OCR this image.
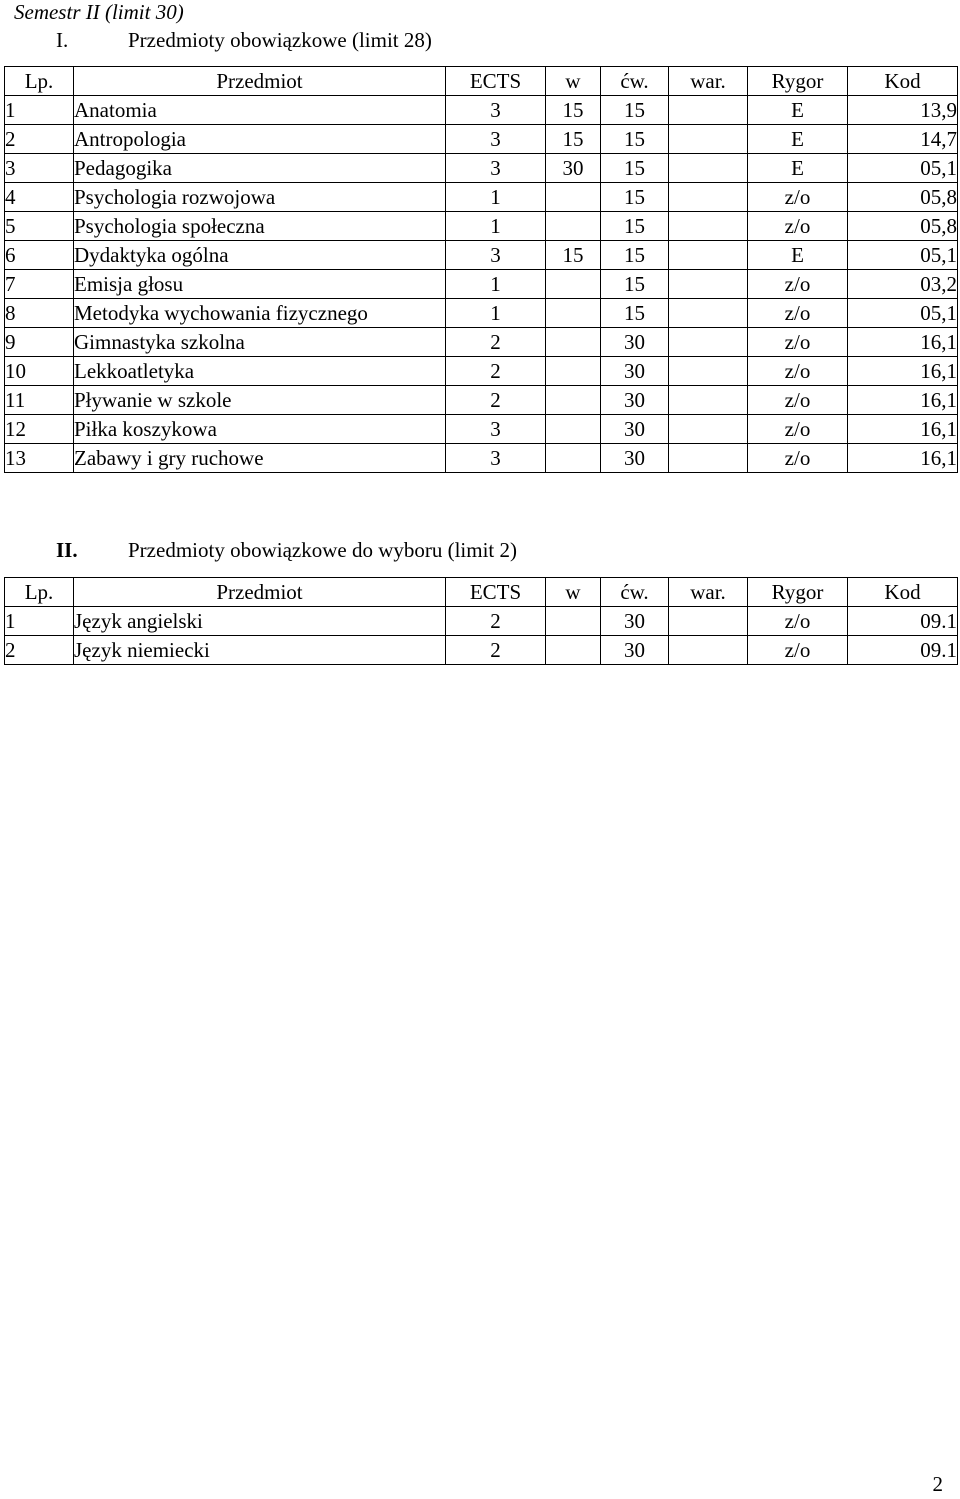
Semestr II (limit 30)
I.	Przedmioty obowiązkowe (limit 28)
Lp.	Przedmiot	ECTS	w	ćw.	war.	Rygor	Kod
1	Anatomia	3	15	15		E	13,9
2	Antropologia	3	15	15		E	14,7
3	Pedagogika	3	30	15		E	05,1
4	Psychologia rozwojowa	1		15		z/o	05,8
5	Psychologia społeczna	1		15		z/o	05,8
6	Dydaktyka ogólna	3	15	15		E	05,1
7	Emisja głosu	1		15		z/o	03,2
8	Metodyka wychowania fizycznego	1		15		z/o	05,1
9	Gimnastyka szkolna	2		30		z/o	16,1
10	Lekkoatletyka	2		30		z/o	16,1
11	Pływanie w szkole	2		30		z/o	16,1
12	Piłka koszykowa	3		30		z/o	16,1
13	Zabawy i gry ruchowe	3		30		z/o	16,1
II. Przedmioty obowiązkowe do wyboru (limit 2)
Lp.	Przedmiot	ECTS	w	ćw.	war.	Rygor	Kod
1	Język angielski	2		30		z/o	09.1
2	Język niemiecki	2		30		z/o	09.1
2
